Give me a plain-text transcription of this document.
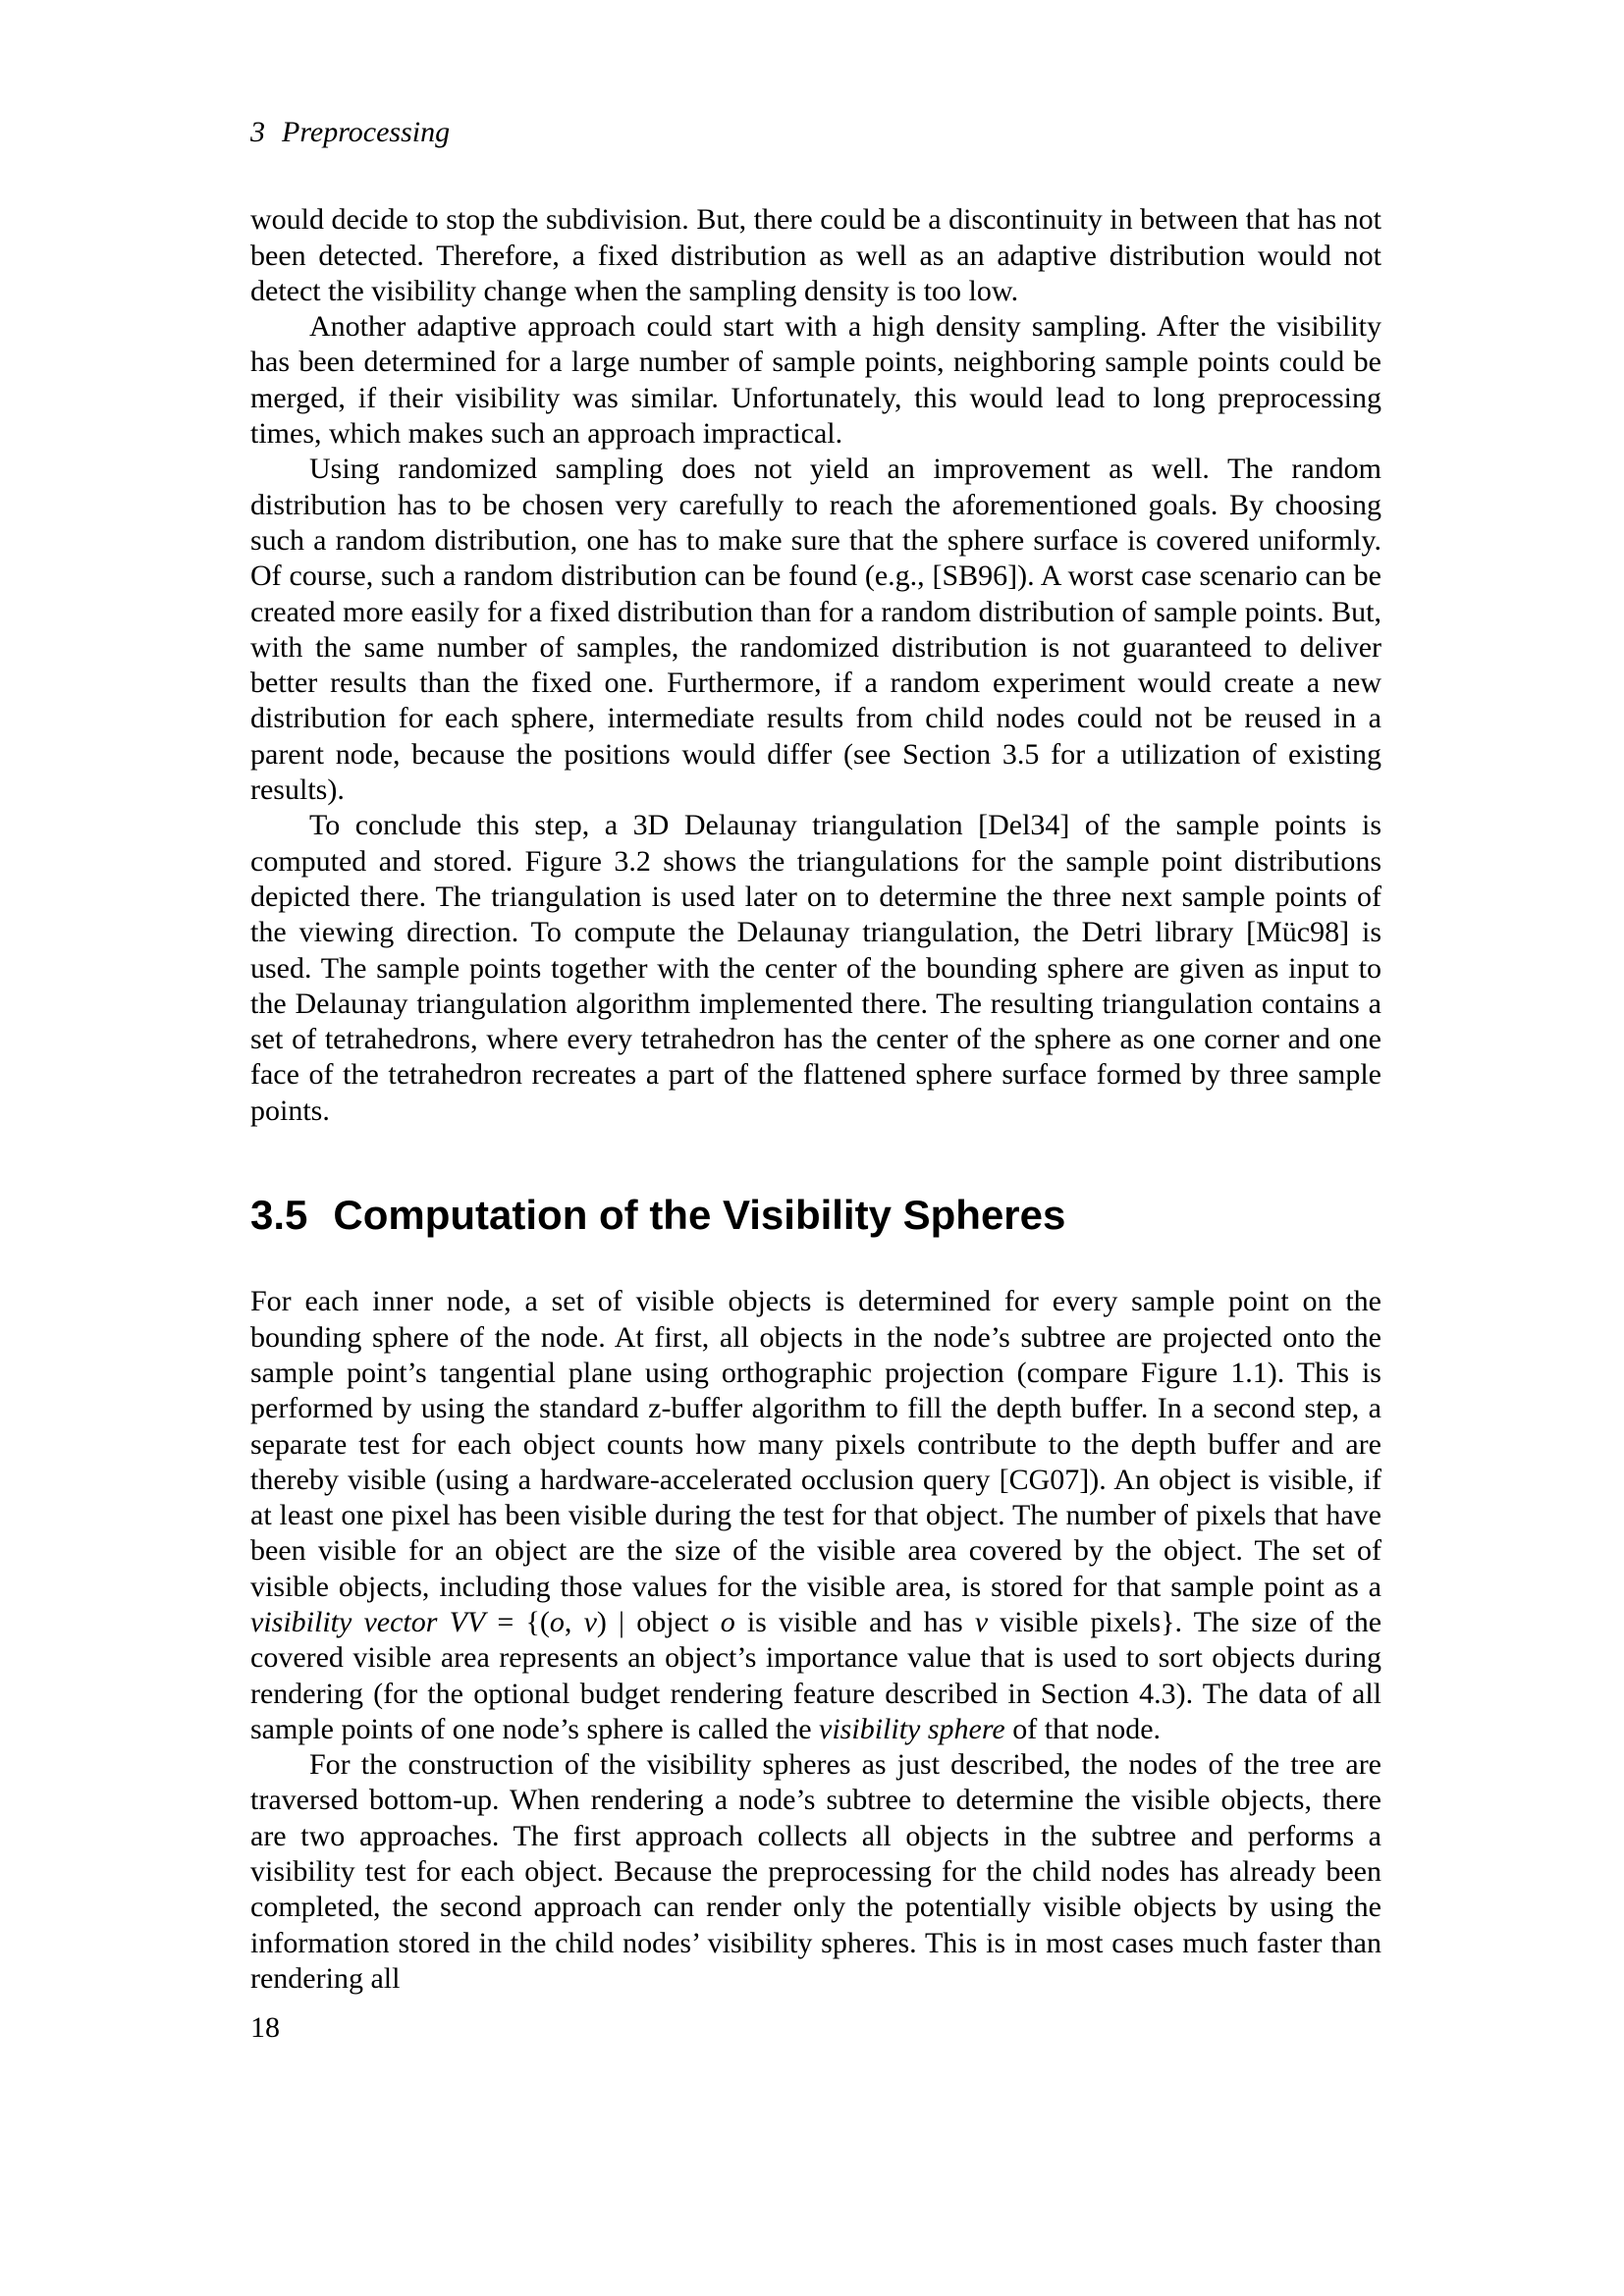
3 Preprocessing

would decide to stop the subdivision. But, there could be a discontinuity in between that has not been detected. Therefore, a fixed distribution as well as an adaptive distribution would not detect the visibility change when the sampling density is too low.

Another adaptive approach could start with a high density sampling. After the visibility has been determined for a large number of sample points, neighboring sample points could be merged, if their visibility was similar. Unfortunately, this would lead to long preprocessing times, which makes such an approach impractical.

Using randomized sampling does not yield an improvement as well. The random distribution has to be chosen very carefully to reach the aforementioned goals. By choosing such a random distribution, one has to make sure that the sphere surface is covered uniformly. Of course, such a random distribution can be found (e.g., [SB96]). A worst case scenario can be created more easily for a fixed distribution than for a random distribution of sample points. But, with the same number of samples, the randomized distribution is not guaranteed to deliver better results than the fixed one. Furthermore, if a random experiment would create a new distribution for each sphere, intermediate results from child nodes could not be reused in a parent node, because the positions would differ (see Section 3.5 for a utilization of existing results).

To conclude this step, a 3D Delaunay triangulation [Del34] of the sample points is computed and stored. Figure 3.2 shows the triangulations for the sample point distributions depicted there. The triangulation is used later on to determine the three next sample points of the viewing direction. To compute the Delaunay triangulation, the Detri library [Müc98] is used. The sample points together with the center of the bounding sphere are given as input to the Delaunay triangulation algorithm implemented there. The resulting triangulation contains a set of tetrahedrons, where every tetrahedron has the center of the sphere as one corner and one face of the tetrahedron recreates a part of the flattened sphere surface formed by three sample points.

3.5 Computation of the Visibility Spheres

For each inner node, a set of visible objects is determined for every sample point on the bounding sphere of the node. At first, all objects in the node’s subtree are projected onto the sample point’s tangential plane using orthographic projection (compare Figure 1.1). This is performed by using the standard z-buffer algorithm to fill the depth buffer. In a second step, a separate test for each object counts how many pixels contribute to the depth buffer and are thereby visible (using a hardware-accelerated occlusion query [CG07]). An object is visible, if at least one pixel has been visible during the test for that object. The number of pixels that have been visible for an object are the size of the visible area covered by the object. The set of visible objects, including those values for the visible area, is stored for that sample point as a visibility vector VV = {(o, v) | object o is visible and has v visible pixels}. The size of the covered visible area represents an object’s importance value that is used to sort objects during rendering (for the optional budget rendering feature described in Section 4.3). The data of all sample points of one node’s sphere is called the visibility sphere of that node.

For the construction of the visibility spheres as just described, the nodes of the tree are traversed bottom-up. When rendering a node’s subtree to determine the visible objects, there are two approaches. The first approach collects all objects in the subtree and performs a visibility test for each object. Because the preprocessing for the child nodes has already been completed, the second approach can render only the potentially visible objects by using the information stored in the child nodes’ visibility spheres. This is in most cases much faster than rendering all

18
